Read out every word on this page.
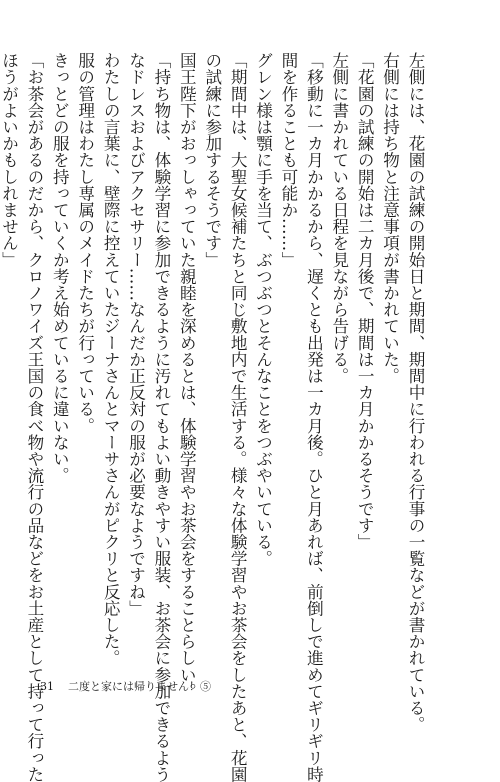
左側には、花園の試練の開始日と期間、期間中に行われる行事の一覧などが書かれている。

右側には持ち物と注意事項が書かれていた。

「花園の試練の開始は二カ月後で、期間は一カ月かかるそうです」

左側に書かれている日程を見ながら告げる。

「移動に一カ月かかるから、遅くとも出発は一カ月後。ひと月あれば、前倒しで進めてギリギリ時

間を作ることも可能か……」

グレン様は顎に手を当て、ぶつぶつとそんなことをつぶやいている。

「期間中は、大聖女候補たちと同じ敷地内で生活する。様々な体験学習やお茶会をしたあと、花園

の試練に参加するそうです」

国王陛下がおっしゃっていた親睦を深めるとは、体験学習やお茶会をすることらしい。

「持ち物は、体験学習に参加できるように汚れてもよい動きやすい服装、お茶会に参加できるよう

なドレスおよびアクセサリー……なんだか正反対の服が必要なようですね」

わたしの言葉に、壁際に控えていたジーナさんとマーサさんがピクリと反応した。

服の管理はわたし専属のメイドたちが行っている。

きっとどの服を持っていくか考え始めているに違いない。

「お茶会があるのだから、クロノワイズ王国の食べ物や流行の品などをお土産として持って行った

ほうがよいかもしれません」

31 二度と家には帰りません！⑤
